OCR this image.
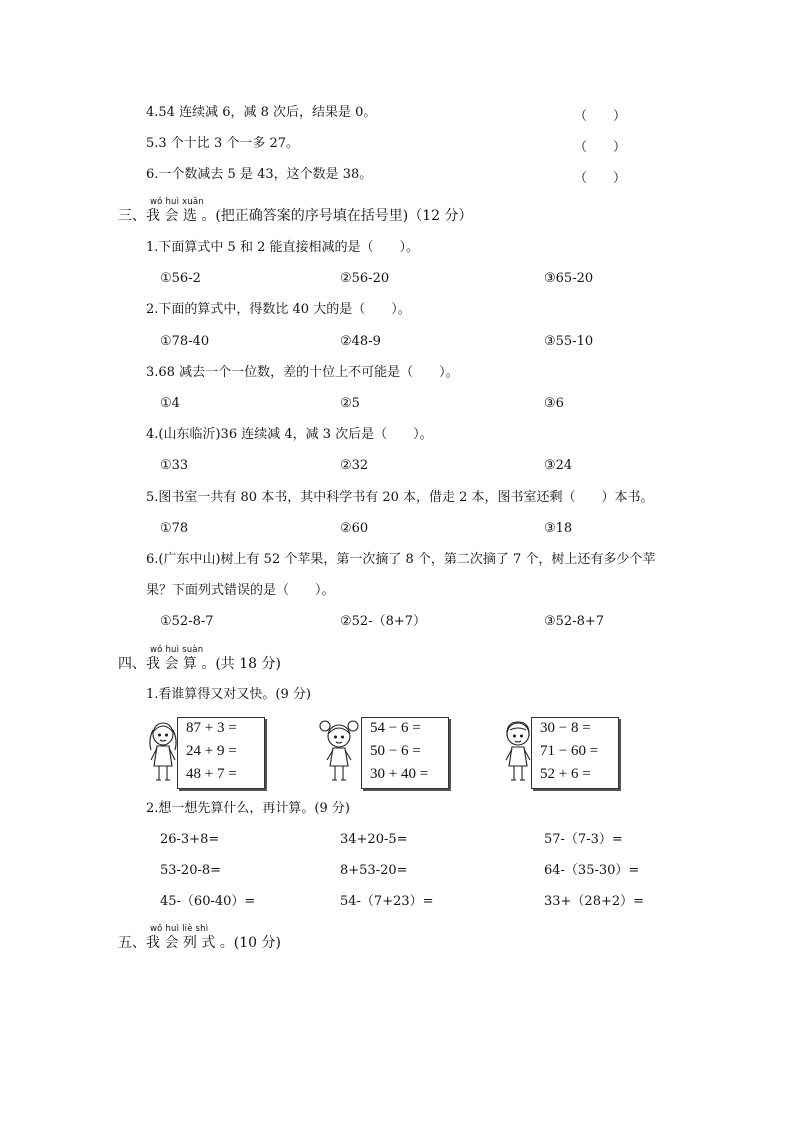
4.54 连续减 6，减 8 次后，结果是 0。	（　　）
5.3 个十比 3 个一多 27。	（　　）
6.一个数减去 5 是 43，这个数是 38。	（　　）
wǒ huì xuǎn
三、我 会 选 。(把正确答案的序号填在括号里)（12 分）
1.下面算式中 5 和 2 能直接相减的是（　　）。
①56-2	②56-20	③65-20
2.下面的算式中，得数比 40 大的是（　　）。
①78-40	②48-9	③55-10
3.68 减去一个一位数，差的十位上不可能是（　　）。
①4	②5	③6
4.(山东临沂)36 连续减 4，减 3 次后是（　　）。
①33	②32	③24
5.图书室一共有 80 本书，其中科学书有 20 本，借走 2 本，图书室还剩（　　）本书。
①78	②60	③18
6.(广东中山)树上有 52 个苹果，第一次摘了 8 个，第二次摘了 7 个，树上还有多少个苹
果？下面列式错误的是（　　）。
①52-8-7	②52-（8+7）	③52-8+7
wǒ huì suàn
四、我 会 算 。(共 18 分)
1.看谁算得又对又快。(9 分)
87 + 3 =
24 + 9 =
48 + 7 =
54 − 6 =
50 − 6 =
30 + 40 =
30 − 8 =
71 − 60 =
52 + 6 =
2.想一想先算什么，再计算。(9 分)
26-3+8=	34+20-5=	57-（7-3）=
53-20-8=	8+53-20=	64-（35-30）=
45-（60-40）=	54-（7+23）=	33+（28+2）=
wǒ huì liè shì
五、我 会 列 式 。(10 分)
